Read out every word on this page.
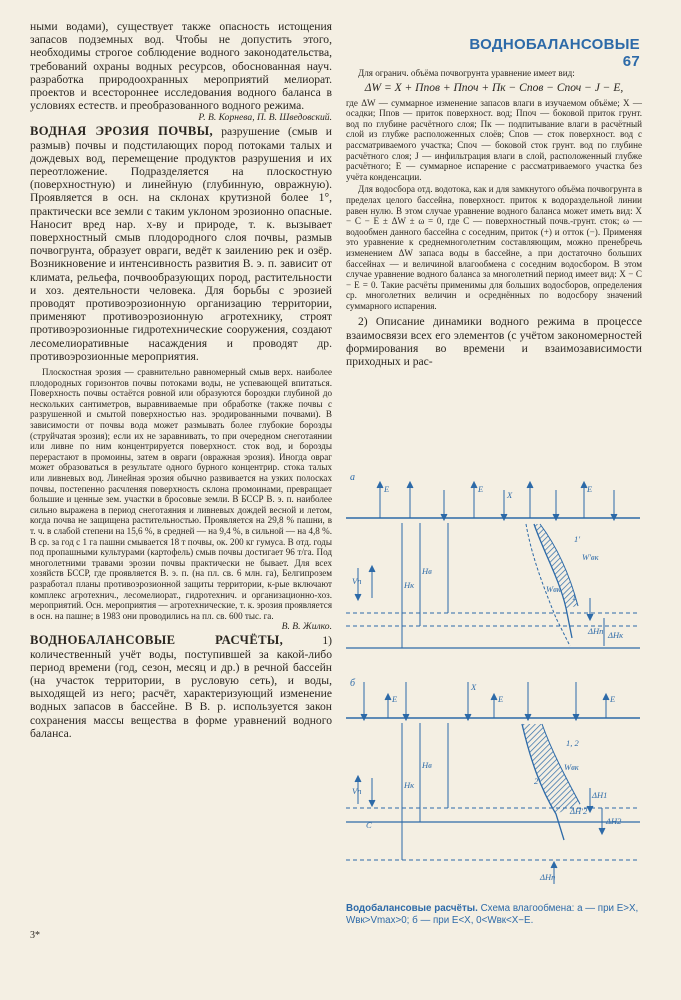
ВОДНОБАЛАНСОВЫЕ 67

ными водами), существует также опасность истощения запасов подземных вод. Чтобы не допустить этого, необходимы строгое соблюдение водного законодательства, требований охраны водных ресурсов, обоснованная науч. разработка природоохранных мероприятий мелиорат. проектов и всестороннее исследования водного баланса в условиях естеств. и преобразованного водного режима.

Р. В. Корнева, П. В. Шведовский.

ВОДНАЯ ЭРОЗИЯ ПОЧВЫ, разрушение (смыв и размыв) почвы и подстилающих пород потоками талых и дождевых вод, перемещение продуктов разрушения и их переотложение. Подразделяется на плоскостную (поверхностную) и линейную (глубинную, овражную). Проявляется в осн. на склонах крутизной более 1°, практически все земли с таким уклоном эрозионно опасные. Наносит вред нар. х-ву и природе, т. к. вызывает поверхностный смыв плодородного слоя почвы, размыв почвогрунта, образует овраги, ведёт к заилению рек и озёр. Возникновение и интенсивность развития В. э. п. зависит от климата, рельефа, почвообразующих пород, растительности и хоз. деятельности человека. Для борьбы с эрозией проводят противоэрозионную организацию территории, применяют противоэрозионную агротехнику, строят противоэрозионные гидротехнические сооружения, создают лесомелиоративные насаждения и проводят др. противоэрозионные мероприятия.

Плоскостная эрозия — сравнительно равномерный смыв верх. наиболее плодородных горизонтов почвы потоками воды, не успевающей впитаться. Поверхность почвы остаётся ровной или образуются бороздки глубиной до нескольких сантиметров, выравниваемые при обработке (также почвы с разрушенной и смытой поверхностью наз. эродированными почвами). В зависимости от почвы вода может размывать более глубокие борозды (струйчатая эрозия); если их не заравнивать, то при очередном снеготаянии или ливне по ним концентрируется поверхност. сток вод, и борозды перерастают в промоины, затем в овраги (овражная эрозия). Иногда овраг может образоваться в результате одного бурного концентрир. стока талых или ливневых вод. Линейная эрозия обычно развивается на узких полосках почвы, постепенно расчленяя поверхность склона промоинами, превращает большие и ценные зем. участки в бросовые земли. В БССР В. э. п. наиболее сильно выражена в период снеготаяния и ливневых дождей весной и летом, когда почва не защищена растительностью. Проявляется на 29,8 % пашни, в т. ч. в слабой степени на 15,6 %, в средней — на 9,4 %, в сильной — на 4,8 %. В ср. за год с 1 га пашни смывается 18 т почвы, ок. 200 кг гумуса. В отд. годы под пропашными культурами (картофель) смыв почвы достигает 96 т/га. Под многолетними травами эрозии почвы практически не бывает. Для всех хозяйств БССР, где проявляется В. э. п. (на пл. св. 6 млн. га), Белгипрозем разработал планы противоэрозионной защиты территории, к-рые включают комплекс агротехнич., лесомелиорат., гидротехнич. и организационно-хоз. мероприятий. Осн. мероприятия — агротехнические, т. к. эрозия проявляется в осн. на пашне; в 1983 они проводились на пл. св. 600 тыс. га.

В. В. Жилко.

ВОДНОБАЛАНСОВЫЕ РАСЧЁТЫ,	1) количественный учёт воды, поступившей за какой-либо период времени (год, сезон, месяц и др.) в речной бассейн (на участок территории, в русловую сеть), и воды, выходящей из него; расчёт, характеризующий изменение водных запасов в бассейне. В В. р. используется закон сохранения массы вещества в форме уравнений водного баланса.

3*

Для огранич. объёма почвогрунта уравнение имеет вид:

ΔW = X + Ппов + Ппоч + Пк − Сnов − Споч − J − E,

где ΔW — суммарное изменение запасов влаги в изучаемом объёме; X — осадки; Ппов — приток поверхност. вод; Ппоч — боковой приток грунт. вод по глубине расчётного слоя; Пк — подпитывание влаги в расчётный слой из глубже расположенных слоёв; Спов — сток поверхност. вод с рассматриваемого участка; Споч — боковой сток грунт. вод по глубине расчётного слоя; J — инфильтрация влаги в слой, расположенный глубже расчётного; E — суммарное испарение с рассматриваемого участка без учёта конденсации.

Для водосбора отд. водотока, как и для замкнутого объёма почвогрунта в пределах целого бассейна, поверхност. приток к водораздельной линии равен нулю. В этом случае уравнение водного баланса может иметь вид: X − C − E ± ΔW ± ω = 0, где C — поверхностный почв.-грунт. сток; ω — водообмен данного бассейна с соседним, приток (+) и отток (−). Применяя это уравнение к среднемноголетним составляющим, можно пренебречь изменением ΔW запаса воды в бассейне, а при достаточно больших бассейнах — и величиной влагообмена с соседним водосбором. В этом случае уравнение водного баланса за многолетний период имеет вид: X − C − E = 0. Такие расчёты применимы для больших водосборов, определения ср. многолетних величин и осреднённых по водосбору значений суммарного испарения.

2) Описание динамики водного режима в процессе взаимосвязи всех его элементов (с учётом закономерностей формирования во времени и взаимозависимости приходных и рас-

а
E	E
X
E
Vп	Hк
Hв
W'вк
Wвк
1'
1
ΔHп ΔHк
б	X
E	E	E
Vп
C
Hк
Hв
1, 2
Wвк
2'
ΔH'2
ΔH1
ΔH2
ΔHп
Водобалансовые расчёты. Схема влагообмена: а — при E>X, Wвк>Vmax>0; б — при E<X, 0<Wвк<X−E.
